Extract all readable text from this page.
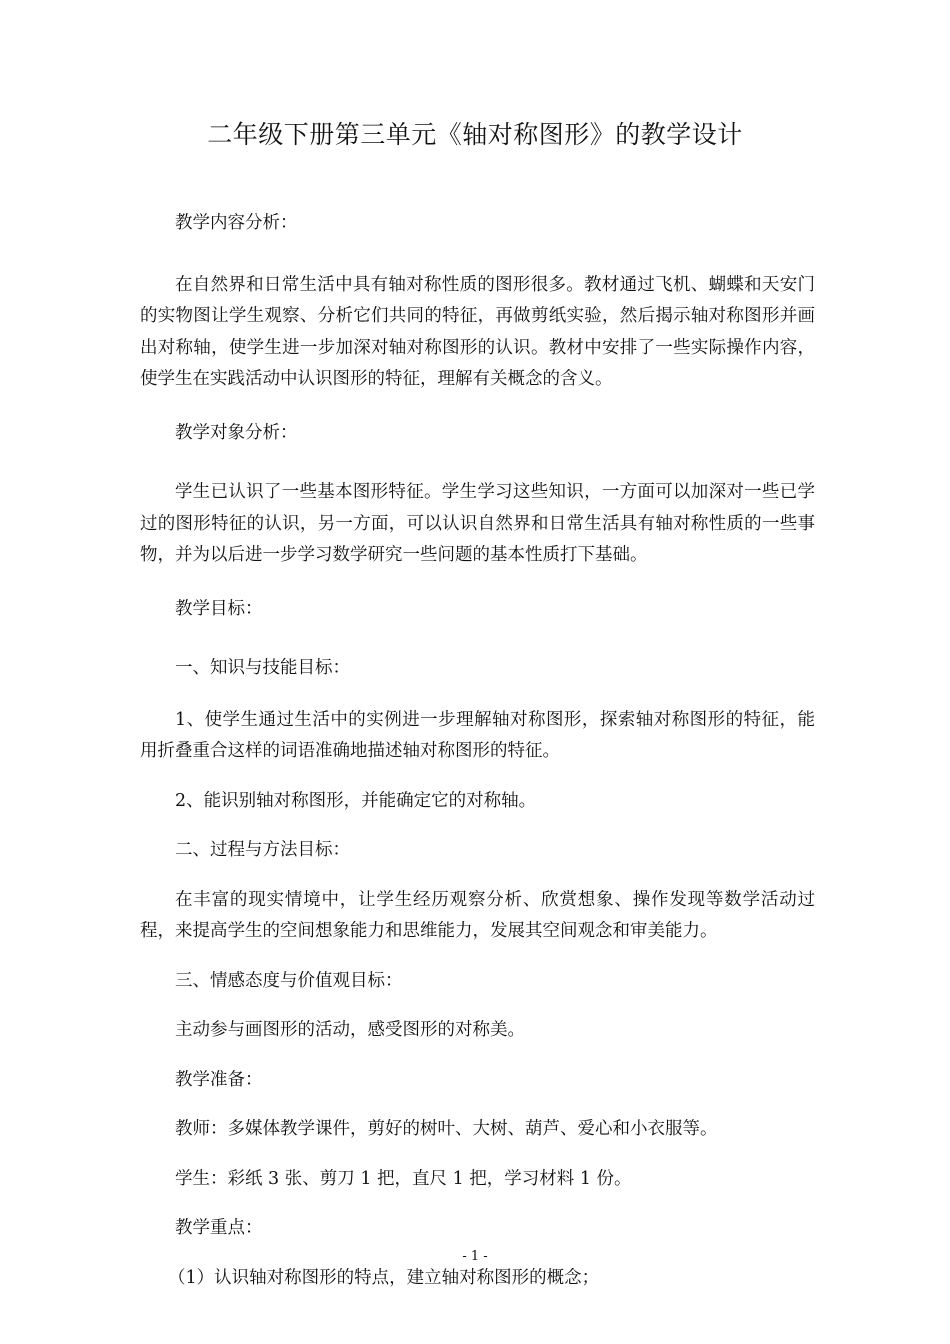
二年级下册第三单元《轴对称图形》的教学设计

教学内容分析：

在自然界和日常生活中具有轴对称性质的图形很多。教材通过飞机、蝴蝶和天安门的实物图让学生观察、分析它们共同的特征，再做剪纸实验，然后揭示轴对称图形并画出对称轴，使学生进一步加深对轴对称图形的认识。教材中安排了一些实际操作内容，使学生在实践活动中认识图形的特征，理解有关概念的含义。

教学对象分析：

学生已认识了一些基本图形特征。学生学习这些知识，一方面可以加深对一些已学过的图形特征的认识，另一方面，可以认识自然界和日常生活具有轴对称性质的一些事物，并为以后进一步学习数学研究一些问题的基本性质打下基础。

教学目标：

一、知识与技能目标：

1、使学生通过生活中的实例进一步理解轴对称图形，探索轴对称图形的特征，能用折叠重合这样的词语准确地描述轴对称图形的特征。

2、能识别轴对称图形，并能确定它的对称轴。

二、过程与方法目标：

在丰富的现实情境中，让学生经历观察分析、欣赏想象、操作发现等数学活动过程，来提高学生的空间想象能力和思维能力，发展其空间观念和审美能力。

三、情感态度与价值观目标：

主动参与画图形的活动，感受图形的对称美。

教学准备：

教师：多媒体教学课件，剪好的树叶、大树、葫芦、爱心和小衣服等。

学生：彩纸 3 张、剪刀 1 把，直尺 1 把，学习材料 1 份。

教学重点：

（1）认识轴对称图形的特点，建立轴对称图形的概念；

- 1 -
